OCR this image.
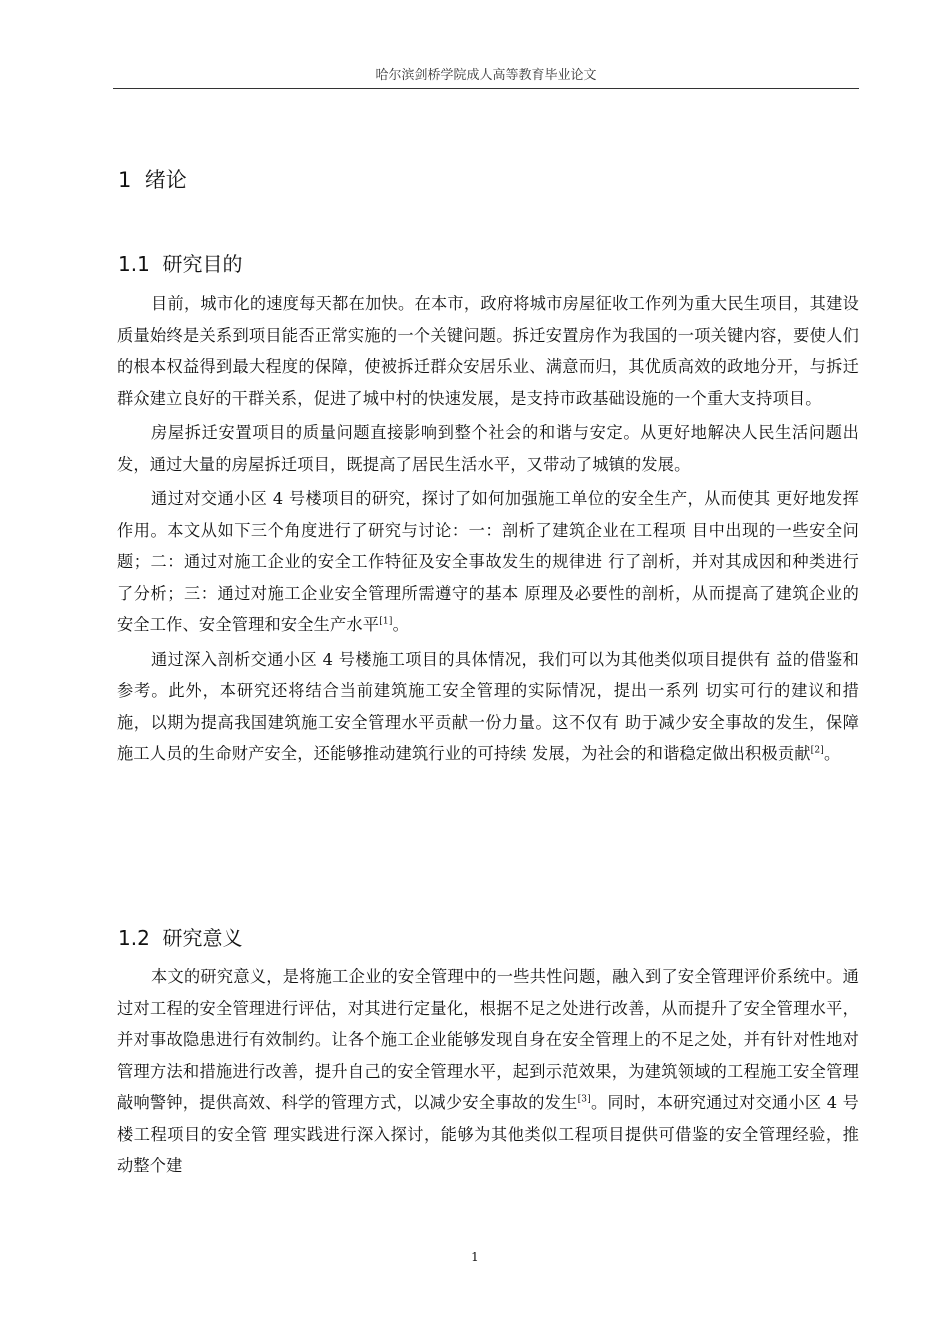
哈尔滨剑桥学院成人高等教育毕业论文
1 绪论
1.1 研究目的

目前，城市化的速度每天都在加快。在本市，政府将城市房屋征收工作列为重大民生项目，其建设质量始终是关系到项目能否正常实施的一个关键问题。拆迁安置房作为我国的一项关键内容，要使人们的根本权益得到最大程度的保障，使被拆迁群众安居乐业、满意而归，其优质高效的政地分开，与拆迁群众建立良好的干群关系，促进了城中村的快速发展，是支持市政基础设施的一个重大支持项目。

房屋拆迁安置项目的质量问题直接影响到整个社会的和谐与安定。从更好地解决人民生活问题出发，通过大量的房屋拆迁项目，既提高了居民生活水平，又带动了城镇的发展。

通过对交通小区 4 号楼项目的研究，探讨了如何加强施工单位的安全生产，从而使其 更好地发挥作用。本文从如下三个角度进行了研究与讨论：一：剖析了建筑企业在工程项 目中出现的一些安全问题；二：通过对施工企业的安全工作特征及安全事故发生的规律进 行了剖析，并对其成因和种类进行了分析；三：通过对施工企业安全管理所需遵守的基本 原理及必要性的剖析，从而提高了建筑企业的安全工作、安全管理和安全生产水平[1]。

通过深入剖析交通小区 4 号楼施工项目的具体情况，我们可以为其他类似项目提供有 益的借鉴和参考。此外，本研究还将结合当前建筑施工安全管理的实际情况，提出一系列 切实可行的建议和措施，以期为提高我国建筑施工安全管理水平贡献一份力量。这不仅有 助于减少安全事故的发生，保障施工人员的生命财产安全，还能够推动建筑行业的可持续 发展，为社会的和谐稳定做出积极贡献[2]。

1.2 研究意义

本文的研究意义，是将施工企业的安全管理中的一些共性问题，融入到了安全管理评价系统中。通过对工程的安全管理进行评估，对其进行定量化，根据不足之处进行改善，从而提升了安全管理水平，并对事故隐患进行有效制约。让各个施工企业能够发现自身在安全管理上的不足之处，并有针对性地对管理方法和措施进行改善，提升自己的安全管理水平，起到示范效果，为建筑领域的工程施工安全管理敲响警钟，提供高效、科学的管理方式，以减少安全事故的发生[3]。同时，本研究通过对交通小区 4 号楼工程项目的安全管 理实践进行深入探讨，能够为其他类似工程项目提供可借鉴的安全管理经验，推动整个建

1
